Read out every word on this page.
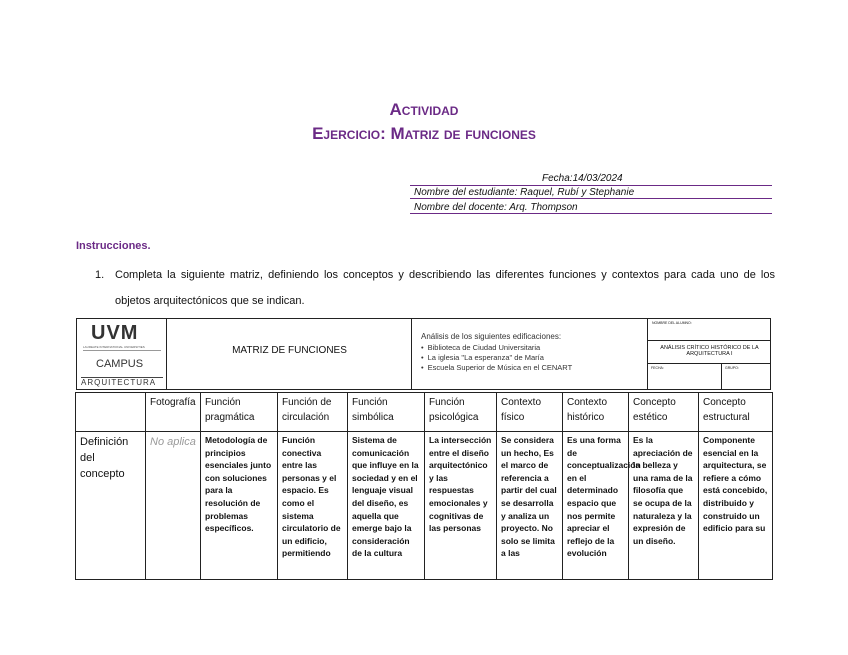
Actividad
Ejercicio: Matriz de funciones
Fecha:14/03/2024
Nombre del estudiante: Raquel, Rubí y Stephanie
Nombre del docente: Arq. Thompson
Instrucciones.
1. Completa la siguiente matriz, definiendo los conceptos y describiendo las diferentes funciones y contextos para cada uno de los objetos arquitectónicos que se indican.
UVM
LAUREATE INTERNATIONAL UNIVERSITIES
CAMPUS
ARQUITECTURA
MATRIZ DE FUNCIONES
Análisis de los siguientes edificaciones:
• Biblioteca de Ciudad Universitaria
• La iglesia "La esperanza" de María
• Escuela Superior de Música en el CENART
NOMBRE DEL ALUMNO:
ANÁLISIS CRÍTICO HISTÓRICO DE LA ARQUITECTURA I
FECHA:	GRUPO:
	Fotografía	Función pragmática	Función de circulación	Función simbólica	Función psicológica	Contexto físico	Contexto histórico	Concepto estético	Concepto estructural
Definición del concepto	No aplica	Metodología de principios esenciales junto con soluciones para la resolución de problemas específicos.	Función conectiva entre las personas y el espacio. Es como el sistema circulatorio de un edificio, permitiendo	Sistema de comunicación que influye en la sociedad y en el lenguaje visual del diseño, es aquella que emerge bajo la consideración de la cultura	La intersección entre el diseño arquitectónico y las respuestas emocionales y cognitivas de las personas	Se considera un hecho, Es el marco de referencia a partir del cual se desarrolla y analiza un proyecto. No solo se limita a las	Es una forma de conceptualización en el determinado espacio que nos permite apreciar el reflejo de la evolución	Es la apreciación de la belleza y una rama de la filosofía que se ocupa de la naturaleza y la expresión de un diseño.	Componente esencial en la arquitectura, se refiere a cómo está concebido, distribuido y construido un edificio para su
